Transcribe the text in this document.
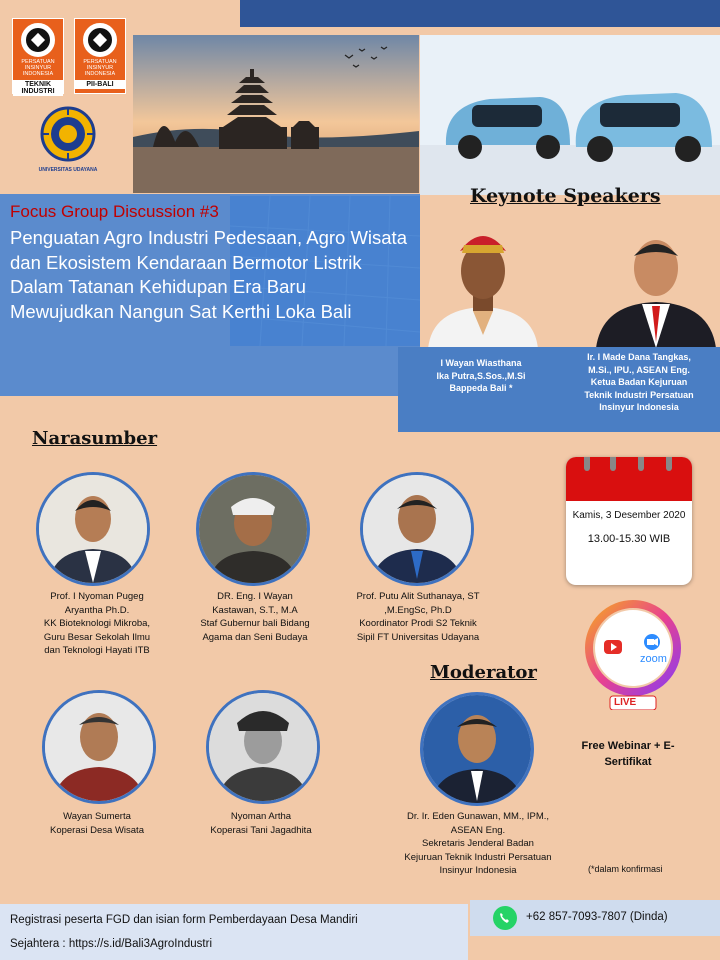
PERSATUAN INSINYUR INDONESIA
TEKNIK INDUSTRI
PERSATUAN INSINYUR INDONESIA
PII-BALI
UNIVERSITAS UDAYANA
Focus Group Discussion #3
Penguatan Agro Industri Pedesaan, Agro Wisata dan Ekosistem Kendaraan Bermotor Listrik Dalam Tatanan Kehidupan Era Baru Mewujudkan Nangun Sat Kerthi Loka Bali
Keynote Speakers
I Wayan Wiasthana
Ika Putra,S.Sos.,M.Si
Bappeda Bali *
Ir. I Made Dana Tangkas,
M.Si., IPU., ASEAN Eng.
Ketua Badan Kejuruan
Teknik Industri Persatuan
Insinyur Indonesia
Narasumber
Prof. I Nyoman Pugeg
Aryantha Ph.D.
KK Bioteknologi Mikroba,
Guru Besar Sekolah Ilmu
dan Teknologi Hayati ITB
DR. Eng. I Wayan
Kastawan, S.T., M.A
Staf Gubernur bali Bidang
Agama dan Seni Budaya
Prof. Putu Alit Suthanaya, ST
,M.EngSc, Ph.D
Koordinator Prodi S2 Teknik
Sipil FT Universitas Udayana
Wayan Sumerta
Koperasi Desa Wisata
Nyoman Artha
Koperasi Tani Jagadhita
Moderator
Dr. Ir. Eden Gunawan, MM., IPM.,
ASEAN Eng.
Sekretaris Jenderal Badan
Kejuruan Teknik Industri Persatuan
Insinyur Indonesia
Kamis, 3 Desember 2020
13.00-15.30 WIB
zoom
LIVE
Free Webinar + E-Sertifikat
(*dalam konfirmasi
Registrasi peserta FGD dan isian form Pemberdayaan Desa Mandiri
Sejahtera : https://s.id/Bali3AgroIndustri
+62 857-7093-7807 (Dinda)
